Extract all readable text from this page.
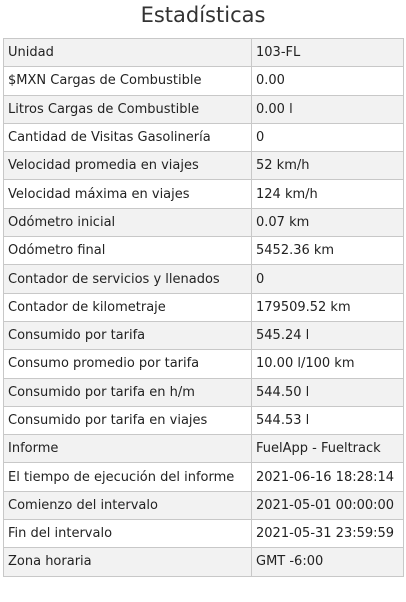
Estadísticas
Unidad	103-FL
$MXN Cargas de Combustible	0.00
Litros Cargas de Combustible	0.00 l
Cantidad de Visitas Gasolinería	0
Velocidad promedia en viajes	52 km/h
Velocidad máxima en viajes	124 km/h
Odómetro inicial	0.07 km
Odómetro final	5452.36 km
Contador de servicios y llenados	0
Contador de kilometraje	179509.52 km
Consumido por tarifa	545.24 l
Consumo promedio por tarifa	10.00 l/100 km
Consumido por tarifa en h/m	544.50 l
Consumido por tarifa en viajes	544.53 l
Informe	FuelApp - Fueltrack
El tiempo de ejecución del informe	2021-06-16 18:28:14
Comienzo del intervalo	2021-05-01 00:00:00
Fin del intervalo	2021-05-31 23:59:59
Zona horaria	GMT -6:00
